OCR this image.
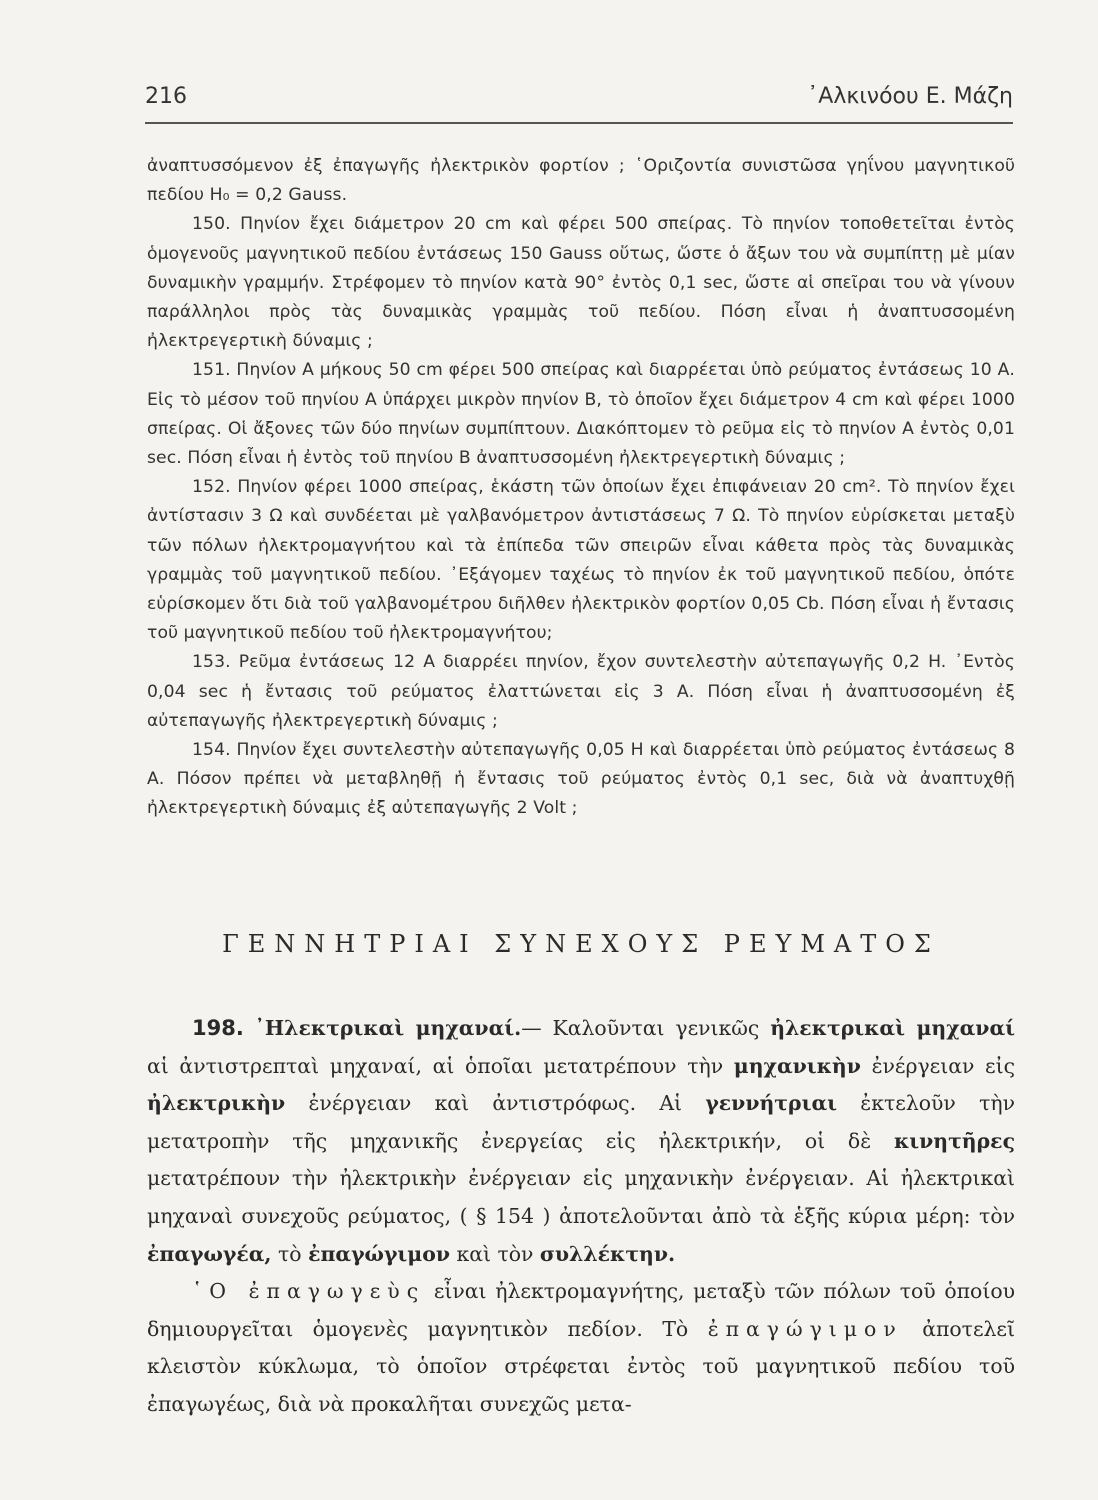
216	᾿Αλκινόου Ε. Μάζη

ἀναπτυσσόμενον ἐξ ἐπαγωγῆς ἠλεκτρικὸν φορτίον ; ῾Οριζοντία συνιστῶσα γηΐνου μαγνητικοῦ πεδίου H₀ = 0,2 Gauss.

150. Πηνίον ἔχει διάμετρον 20 cm καὶ φέρει 500 σπείρας. Τὸ πηνίον τοποθετεῖται ἐντὸς ὁμογενοῦς μαγνητικοῦ πεδίου ἐντάσεως 150 Gauss οὕτως, ὥστε ὁ ἄξων του νὰ συμπίπτῃ μὲ μίαν δυναμικὴν γραμμήν. Στρέφομεν τὸ πηνίον κατὰ 90° ἐντὸς 0,1 sec, ὥστε αἱ σπεῖραι του νὰ γίνουν παράλληλοι πρὸς τὰς δυναμικὰς γραμμὰς τοῦ πεδίου. Πόση εἶναι ἡ ἀναπτυσσομένη ἠλεκτρεγερτικὴ δύναμις ;

151. Πηνίον Α μήκους 50 cm φέρει 500 σπείρας καὶ διαρρέεται ὑπὸ ρεύματος ἐντάσεως 10 Α. Εἰς τὸ μέσον τοῦ πηνίου Α ὑπάρχει μικρὸν πηνίον Β, τὸ ὁποῖον ἔχει διάμετρον 4 cm καὶ φέρει 1000 σπείρας. Οἱ ἄξονες τῶν δύο πηνίων συμπίπτουν. Διακόπτομεν τὸ ρεῦμα εἰς τὸ πηνίον Α ἐντὸς 0,01 sec. Πόση εἶναι ἡ ἐντὸς τοῦ πηνίου Β ἀναπτυσσομένη ἠλεκτρεγερτικὴ δύναμις ;

152. Πηνίον φέρει 1000 σπείρας, ἑκάστη τῶν ὁποίων ἔχει ἐπιφάνειαν 20 cm². Τὸ πηνίον ἔχει ἀντίστασιν 3 Ω καὶ συνδέεται μὲ γαλβανόμετρον ἀντιστάσεως 7 Ω. Τὸ πηνίον εὑρίσκεται μεταξὺ τῶν πόλων ἠλεκτρομαγνήτου καὶ τὰ ἐπίπεδα τῶν σπειρῶν εἶναι κάθετα πρὸς τὰς δυναμικὰς γραμμὰς τοῦ μαγνητικοῦ πεδίου. ᾿Εξάγομεν ταχέως τὸ πηνίον ἐκ τοῦ μαγνητικοῦ πεδίου, ὁπότε εὑρίσκομεν ὅτι διὰ τοῦ γαλβανομέτρου διῆλθεν ἠλεκτρικὸν φορτίον 0,05 Cb. Πόση εἶναι ἡ ἔντασις τοῦ μαγνητικοῦ πεδίου τοῦ ἠλεκτρομαγνήτου;

153. Ρεῦμα ἐντάσεως 12 Α διαρρέει πηνίον, ἔχον συντελεστὴν αὐτεπαγωγῆς 0,2 H. ᾿Εντὸς 0,04 sec ἡ ἔντασις τοῦ ρεύματος ἐλαττώνεται εἰς 3 Α. Πόση εἶναι ἡ ἀναπτυσσομένη ἐξ αὐτεπαγωγῆς ἠλεκτρεγερτικὴ δύναμις ;

154. Πηνίον ἔχει συντελεστὴν αὐτεπαγωγῆς 0,05 H καὶ διαρρέεται ὑπὸ ρεύματος ἐντάσεως 8 Α. Πόσον πρέπει νὰ μεταβληθῇ ἡ ἔντασις τοῦ ρεύματος ἐντὸς 0,1 sec, διὰ νὰ ἀναπτυχθῇ ἠλεκτρεγερτικὴ δύναμις ἐξ αὐτεπαγωγῆς 2 Volt ;

ΓΕΝΝΗΤΡΙΑΙ ΣΥΝΕΧΟΥΣ ΡΕΥΜΑΤΟΣ

198. ᾿Ηλεκτρικαὶ μηχαναί.— Καλοῦνται γενικῶς ἠλεκτρικαὶ μηχαναί αἱ ἀντιστρεπταὶ μηχαναί, αἱ ὁποῖαι μετατρέπουν τὴν μηχανικὴν ἐνέργειαν εἰς ἠλεκτρικὴν ἐνέργειαν καὶ ἀντιστρόφως. Αἱ γεννήτριαι ἐκτελοῦν τὴν μετατροπὴν τῆς μηχανικῆς ἐνεργείας εἰς ἠλεκτρικήν, οἱ δὲ κινητῆρες μετατρέπουν τὴν ἠλεκτρικὴν ἐνέργειαν εἰς μηχανικὴν ἐνέργειαν. Αἱ ἠλεκτρικαὶ μηχαναὶ συνεχοῦς ρεύματος, ( § 154 ) ἀποτελοῦνται ἀπὸ τὰ ἑξῆς κύρια μέρη: τὸν ἐπαγωγέα, τὸ ἐπαγώγιμον καὶ τὸν συλλέκτην.

῾Ο ἐπαγωγεὺς εἶναι ἠλεκτρομαγνήτης, μεταξὺ τῶν πόλων τοῦ ὁποίου δημιουργεῖται ὁμογενὲς μαγνητικὸν πεδίον. Τὸ ἐπαγώγιμον ἀποτελεῖ κλειστὸν κύκλωμα, τὸ ὁποῖον στρέφεται ἐντὸς τοῦ μαγνητικοῦ πεδίου τοῦ ἐπαγωγέως, διὰ νὰ προκαλῆται συνεχῶς μετα-
